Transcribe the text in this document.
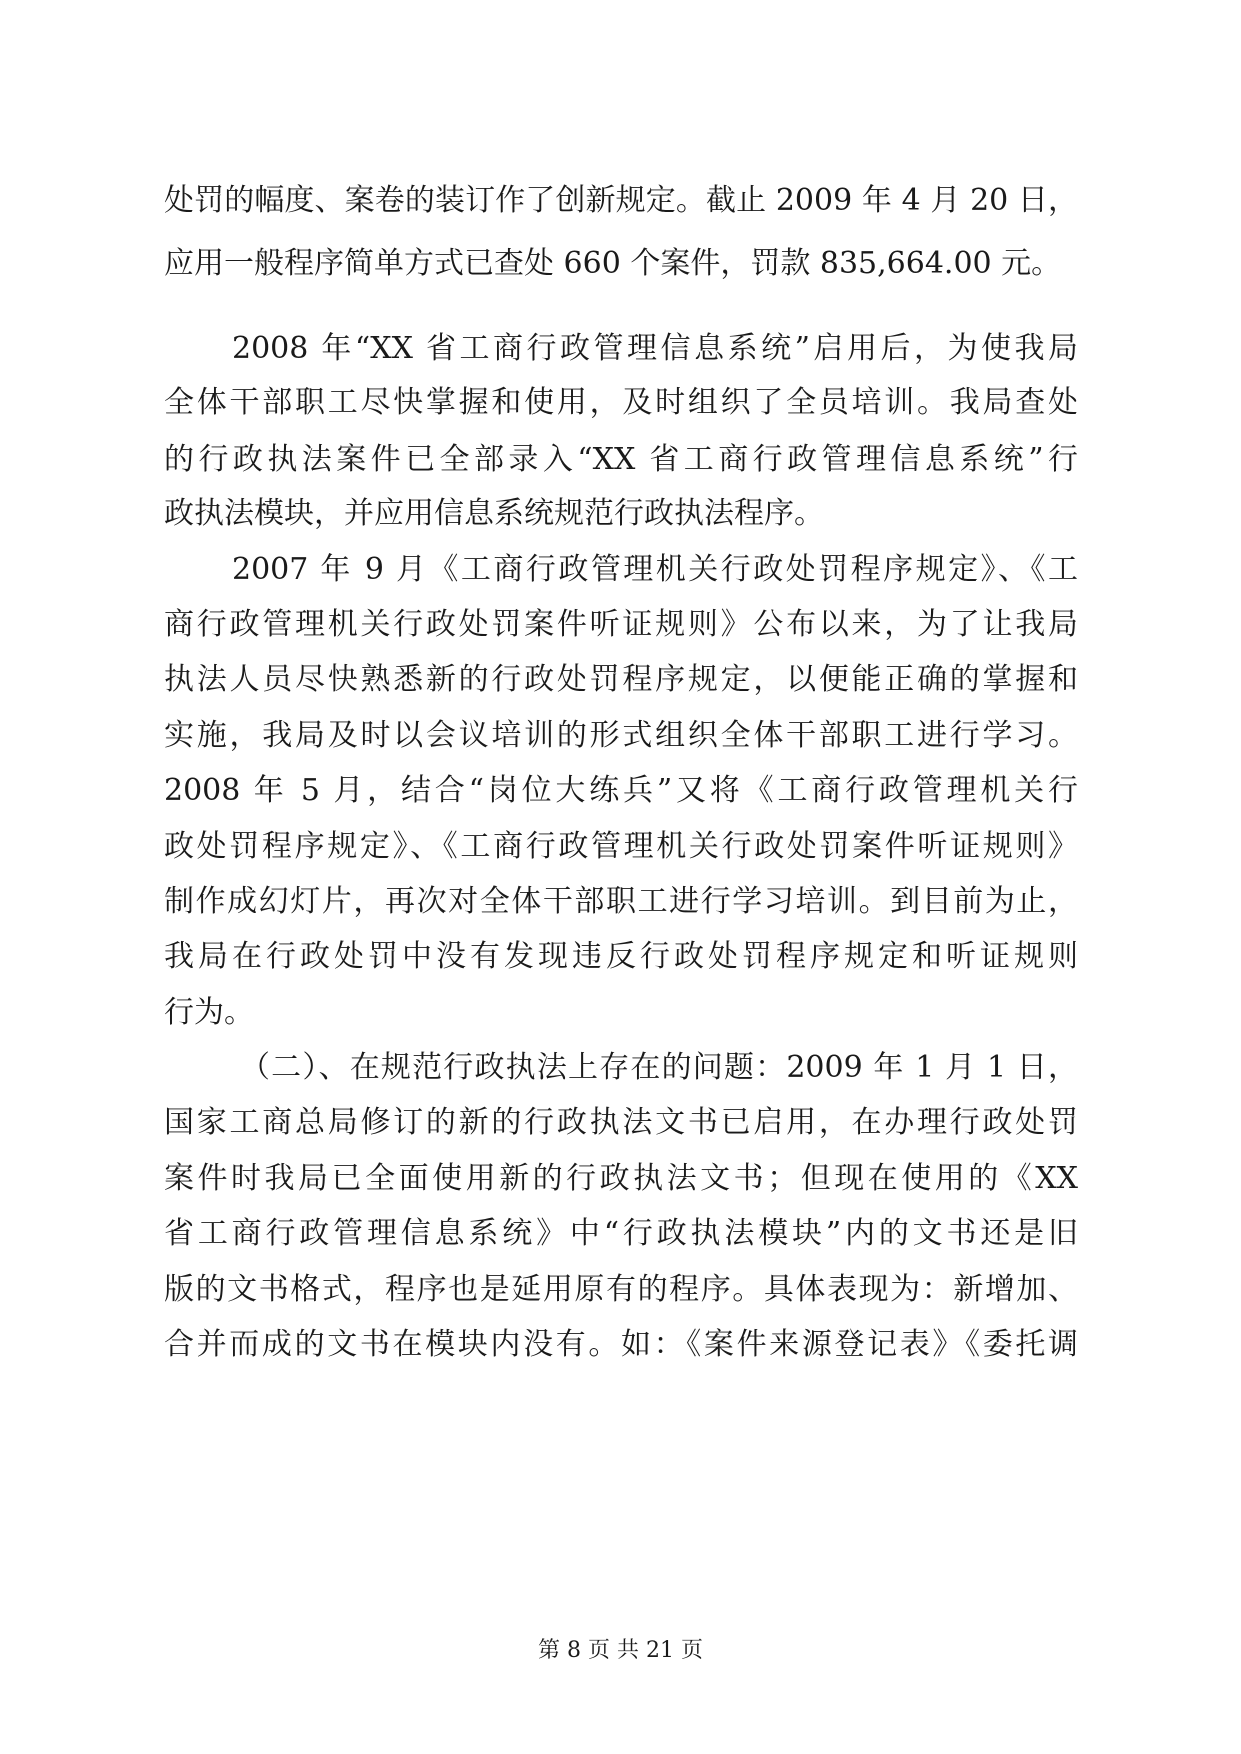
处罚的幅度、案卷的装订作了创新规定。截止 2009 年 4 月 20 日，
应用一般程序简单方式已查处 660 个案件，罚款 835,664.00 元。
2008 年“XX 省工商行政管理信息系统”启用后，为使我局
全体干部职工尽快掌握和使用，及时组织了全员培训。我局查处
的行政执法案件已全部录入“XX 省工商行政管理信息系统”行
政执法模块，并应用信息系统规范行政执法程序。
2007 年 9 月《工商行政管理机关行政处罚程序规定》、《工
商行政管理机关行政处罚案件听证规则》公布以来，为了让我局
执法人员尽快熟悉新的行政处罚程序规定，以便能正确的掌握和
实施，我局及时以会议培训的形式组织全体干部职工进行学习。
2008 年 5 月，结合“岗位大练兵”又将《工商行政管理机关行
政处罚程序规定》、《工商行政管理机关行政处罚案件听证规则》
制作成幻灯片，再次对全体干部职工进行学习培训。到目前为止，
我局在行政处罚中没有发现违反行政处罚程序规定和听证规则
行为。
（二）、在规范行政执法上存在的问题：2009 年 1 月 1 日，
国家工商总局修订的新的行政执法文书已启用，在办理行政处罚
案件时我局已全面使用新的行政执法文书；但现在使用的《XX
省工商行政管理信息系统》中“行政执法模块”内的文书还是旧
版的文书格式，程序也是延用原有的程序。具体表现为：新增加、
合并而成的文书在模块内没有。如：《案件来源登记表》《委托调
第 8 页 共 21 页
